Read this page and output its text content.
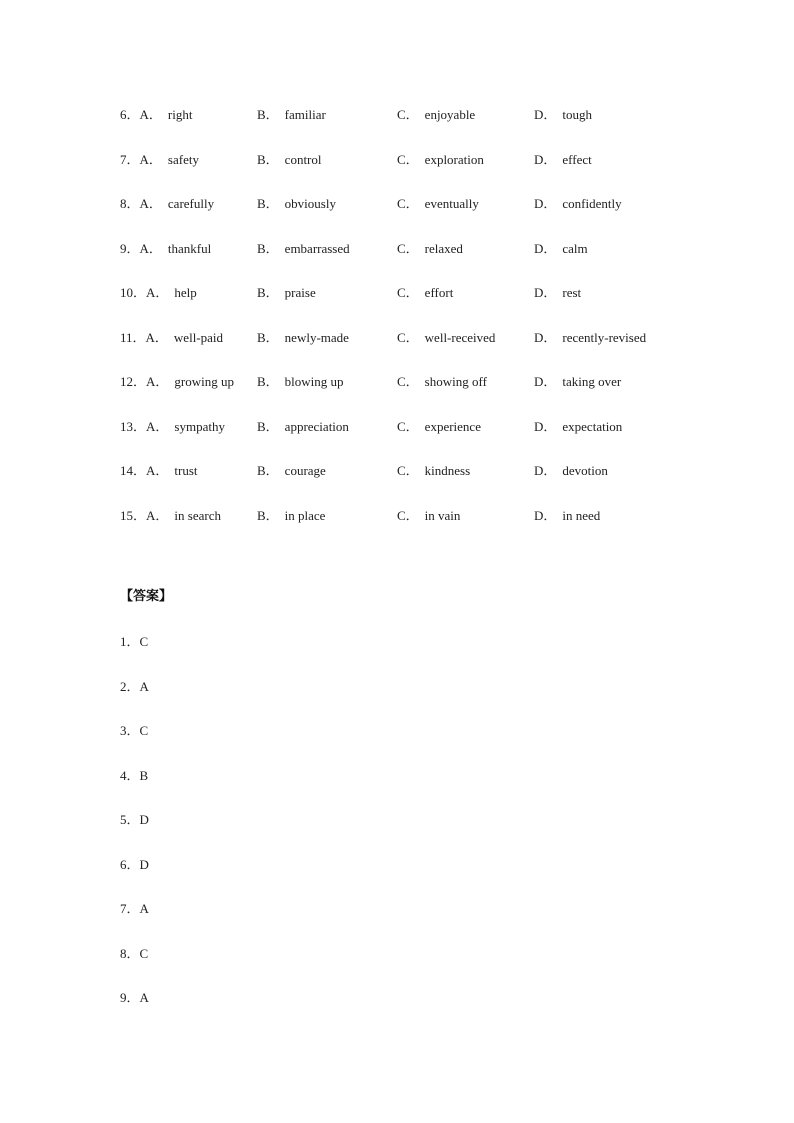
6．A． right	B． familiar	C． enjoyable	D． tough
7．A． safety	B． control	C． exploration	D． effect
8．A． carefully	B． obviously	C． eventually	D． confidently
9．A． thankful	B． embarrassed	C． relaxed	D． calm
10．A． help	B． praise	C． effort	D． rest
11．A． well-paid	B． newly-made	C． well-received	D． recently-revised
12．A． growing up B． blowing up	C． showing off	D． taking over
13．A． sympathy B． appreciation	C． experience	D． expectation
14．A． trust	B． courage	C． kindness	D． devotion
15．A． in search	B． in place	C． in vain	D． in need
【答案】
1．C
2．A
3．C
4．B
5．D
6．D
7．A
8．C
9．A
